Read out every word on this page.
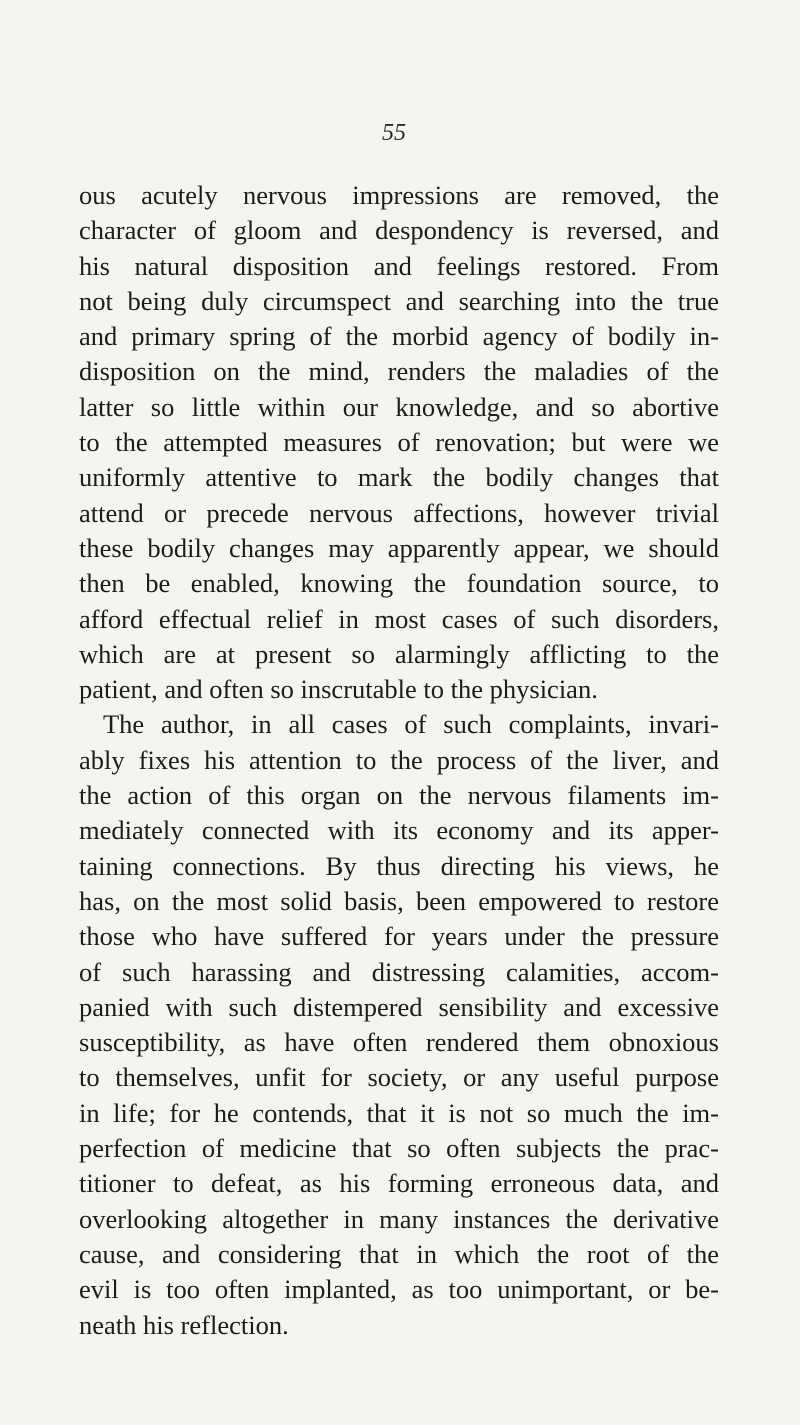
55
ous acutely nervous impressions are removed, the
character of gloom and despondency is reversed, and
his natural disposition and feelings restored. From
not being duly circumspect and searching into the true
and primary spring of the morbid agency of bodily in-
disposition on the mind, renders the maladies of the
latter so little within our knowledge, and so abortive
to the attempted measures of renovation; but were we
uniformly attentive to mark the bodily changes that
attend or precede nervous affections, however trivial
these bodily changes may apparently appear, we should
then be enabled, knowing the foundation source, to
afford effectual relief in most cases of such disorders,
which are at present so alarmingly afflicting to the
patient, and often so inscrutable to the physician.
The author, in all cases of such complaints, invari-
ably fixes his attention to the process of the liver, and
the action of this organ on the nervous filaments im-
mediately connected with its economy and its apper-
taining connections. By thus directing his views, he
has, on the most solid basis, been empowered to restore
those who have suffered for years under the pressure
of such harassing and distressing calamities, accom-
panied with such distempered sensibility and excessive
susceptibility, as have often rendered them obnoxious
to themselves, unfit for society, or any useful purpose
in life; for he contends, that it is not so much the im-
perfection of medicine that so often subjects the prac-
titioner to defeat, as his forming erroneous data, and
overlooking altogether in many instances the derivative
cause, and considering that in which the root of the
evil is too often implanted, as too unimportant, or be-
neath his reflection.
